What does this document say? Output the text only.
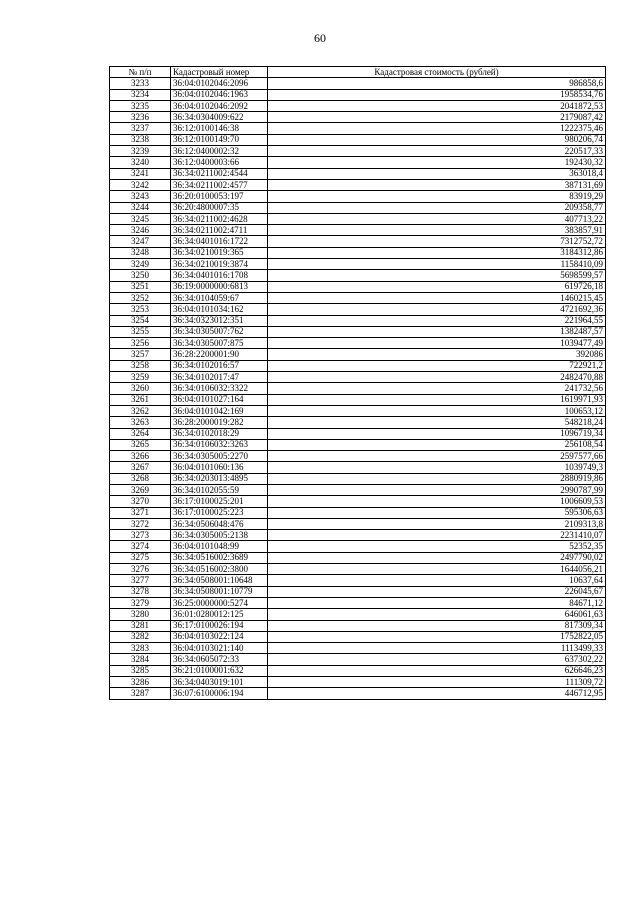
60
№ п/п	Кадастровый номер	Кадастровая стоимость (рублей)
3233	36:04:0102046:2096	986858,6
3234	36:04:0102046:1963	1958534,76
3235	36:04:0102046:2092	2041872,53
3236	36:34:0304009:622	2179087,42
3237	36:12:0100146:38	1222375,46
3238	36:12:0100149:70	980206,74
3239	36:12:0400002:32	220517,33
3240	36:12:0400003:66	192430,32
3241	36:34:0211002:4544	363018,4
3242	36:34:0211002:4577	387131,69
3243	36:20:0100053:197	83919,29
3244	36:20:4800007:35	209358,77
3245	36:34:0211002:4628	407713,22
3246	36:34:0211002:4711	383857,91
3247	36:34:0401016:1722	7312752,72
3248	36:34:0210019:365	3184312,86
3249	36:34:0210019:3874	1158410,09
3250	36:34:0401016:1708	5698599,57
3251	36:19:0000000:6813	619726,18
3252	36:34:0104059:67	1460215,45
3253	36:04:0101034:162	4721692,36
3254	36:34:0323012:351	221964,55
3255	36:34:0305007:762	1382487,57
3256	36:34:0305007:875	1039477,49
3257	36:28:2200001:90	392086
3258	36:34:0102016:57	722921,2
3259	36:34:0102017:47	2482470,88
3260	36:34:0106032:3322	241732,56
3261	36:04:0101027:164	1619971,93
3262	36:04:0101042:169	100653,12
3263	36:28:2000019:282	548218,24
3264	36:34:0102018:29	1096719,34
3265	36:34:0106032:3263	256108,54
3266	36:34:0305005:2270	2597577,66
3267	36:04:0101060:136	1039749,3
3268	36:34:0203013:4895	2880919,86
3269	36:34:0102055:59	2990787,99
3270	36:17:0100025:201	1006609,53
3271	36:17:0100025:223	595306,63
3272	36:34:0506048:476	2109313,8
3273	36:34:0305005:2138	2231410,07
3274	36:04:0101048:99	52352,35
3275	36:34:0516002:3689	2497790,02
3276	36:34:0516002:3800	1644056,21
3277	36:34:0508001:10648	10637,64
3278	36:34:0508001:10779	226045,67
3279	36:25:0000000:5274	84671,12
3280	36:01:0280012:125	646061,63
3281	36:17:0100026:194	817309,34
3282	36:04:0103022:124	1752822,05
3283	36:04:0103021:140	1113499,33
3284	36:34:0605072:33	637302,22
3285	36:21:0100001:632	626646,23
3286	36:34:0403019:101	111309,72
3287	36:07:6100006:194	446712,95
